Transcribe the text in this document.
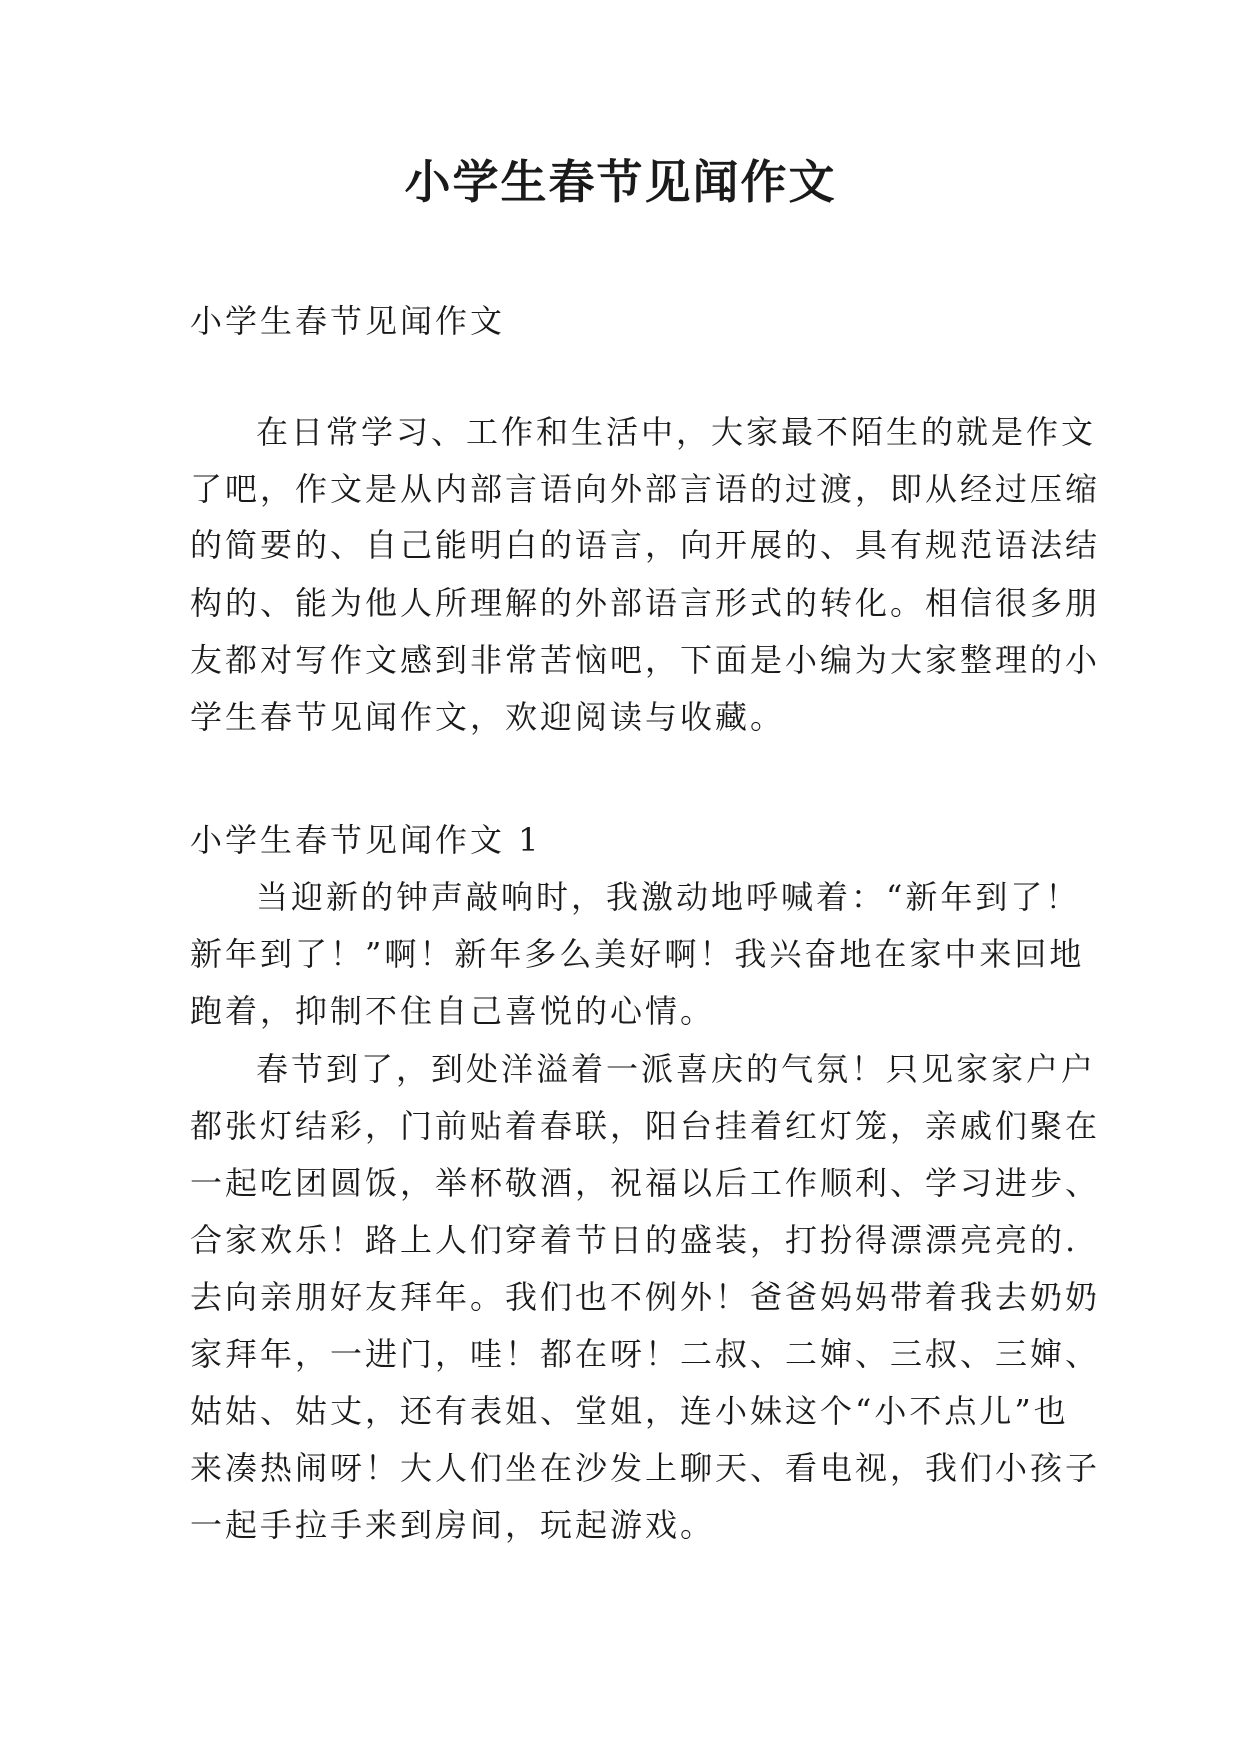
小学生春节见闻作文

小学生春节见闻作文

在日常学习、工作和生活中，大家最不陌生的就是作文

了吧，作文是从内部言语向外部言语的过渡，即从经过压缩

的简要的、自己能明白的语言，向开展的、具有规范语法结

构的、能为他人所理解的外部语言形式的转化。相信很多朋

友都对写作文感到非常苦恼吧，下面是小编为大家整理的小

学生春节见闻作文，欢迎阅读与收藏。

小学生春节见闻作文 1

当迎新的钟声敲响时，我激动地呼喊着：“新年到了！

新年到了！”啊！新年多么美好啊！我兴奋地在家中来回地

跑着，抑制不住自己喜悦的心情。

春节到了，到处洋溢着一派喜庆的气氛！只见家家户户

都张灯结彩，门前贴着春联，阳台挂着红灯笼，亲戚们聚在

一起吃团圆饭，举杯敬酒，祝福以后工作顺利、学习进步、

合家欢乐！路上人们穿着节日的盛装，打扮得漂漂亮亮的.

去向亲朋好友拜年。我们也不例外！爸爸妈妈带着我去奶奶

家拜年，一进门，哇！都在呀！二叔、二婶、三叔、三婶、

姑姑、姑丈，还有表姐、堂姐，连小妹这个“小不点儿”也

来凑热闹呀！大人们坐在沙发上聊天、看电视，我们小孩子

一起手拉手来到房间，玩起游戏。
